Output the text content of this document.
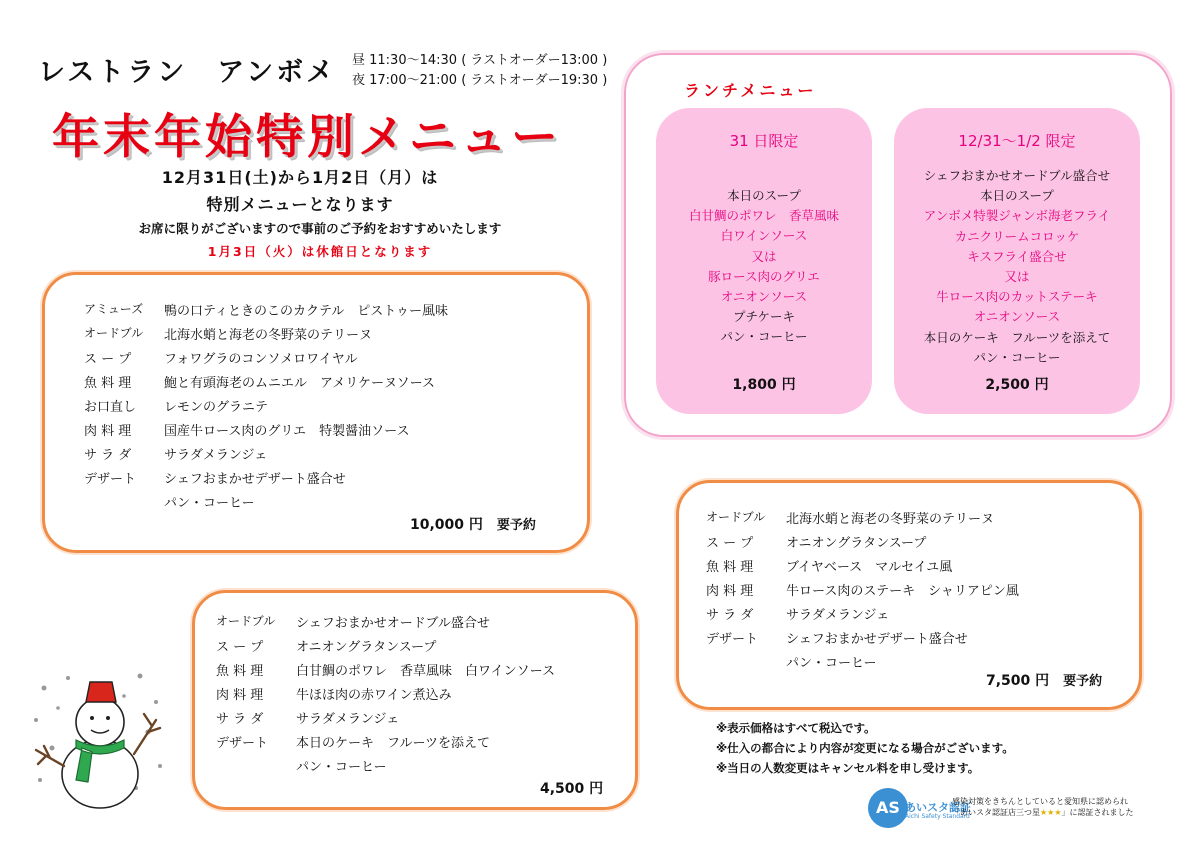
レストラン　アンボメ 昼 11:30～14:30 ( ラストオーダー13:00 )
夜 17:00～21:00 ( ラストオーダー19:30 )
年末年始特別メニュー
12月31日(土)から1月2日（月）は
特別メニューとなります
お席に限りがございますので事前のご予約をおすすめいたします
1月3日（火）は休館日となります
アミューズ 鴨の口ティときのこのカクテル　ピストゥー風味
オードブル 北海水蛸と海老の冬野菜のテリーヌ
ス ー プ	フォワグラのコンソメロワイヤル
魚 料 理	鮑と有頭海老のムニエル　アメリケーヌソース
お口直し レモンのグラニテ
肉 料 理	国産牛ロース肉のグリエ　特製醤油ソース
サ ラ ダ	サラダメランジェ
デザート シェフおまかせデザート盛合せ
パン・コーヒー
10,000 円　 要予約
オードブル シェフおまかせオードブル盛合せ
ス ー プ	オニオングラタンスープ
魚 料 理	白甘鯛のポワレ　香草風味　白ワインソース
肉 料 理	牛ほほ肉の赤ワイン煮込み
サ ラ ダ	サラダメランジェ
デザート 本日のケーキ　フルーツを添えて
パン・コーヒー
4,500 円
オードブル 北海水蛸と海老の冬野菜のテリーヌ
ス ー プ	オニオングラタンスープ
魚 料 理	ブイヤベース　マルセイユ風
肉 料 理	牛ロース肉のステーキ　シャリアピン風
サ ラ ダ	サラダメランジェ
デザート シェフおまかせデザート盛合せ
パン・コーヒー
7,500 円　 要予約
ランチメニュー
31 日限定
本日のスープ
白甘鯛のポワレ　香草風味
白ワインソース
又は
豚ロース肉のグリエ
オニオンソース
プチケーキ
パン・コーヒー
1,800 円
12/31～1/2 限定
シェフおまかせオードブル盛合せ
本日のスープ
アンボメ特製ジャンボ海老フライ
カニクリームコロッケ
キスフライ盛合せ
又は
牛ロース肉のカットステーキ
オニオンソース
本日のケーキ　フルーツを添えて
パン・コーヒー
2,500 円
※表示価格はすべて税込です。
※仕入の都合により内容が変更になる場合がございます。
※当日の人数変更はキャンセル料を申し受けます。
AS あいスタ認証
Aichi Safety Standard
感染対策をきちんとしていると愛知県に認められ
「あいスタ認証店三つ星★★★」に認証されました
